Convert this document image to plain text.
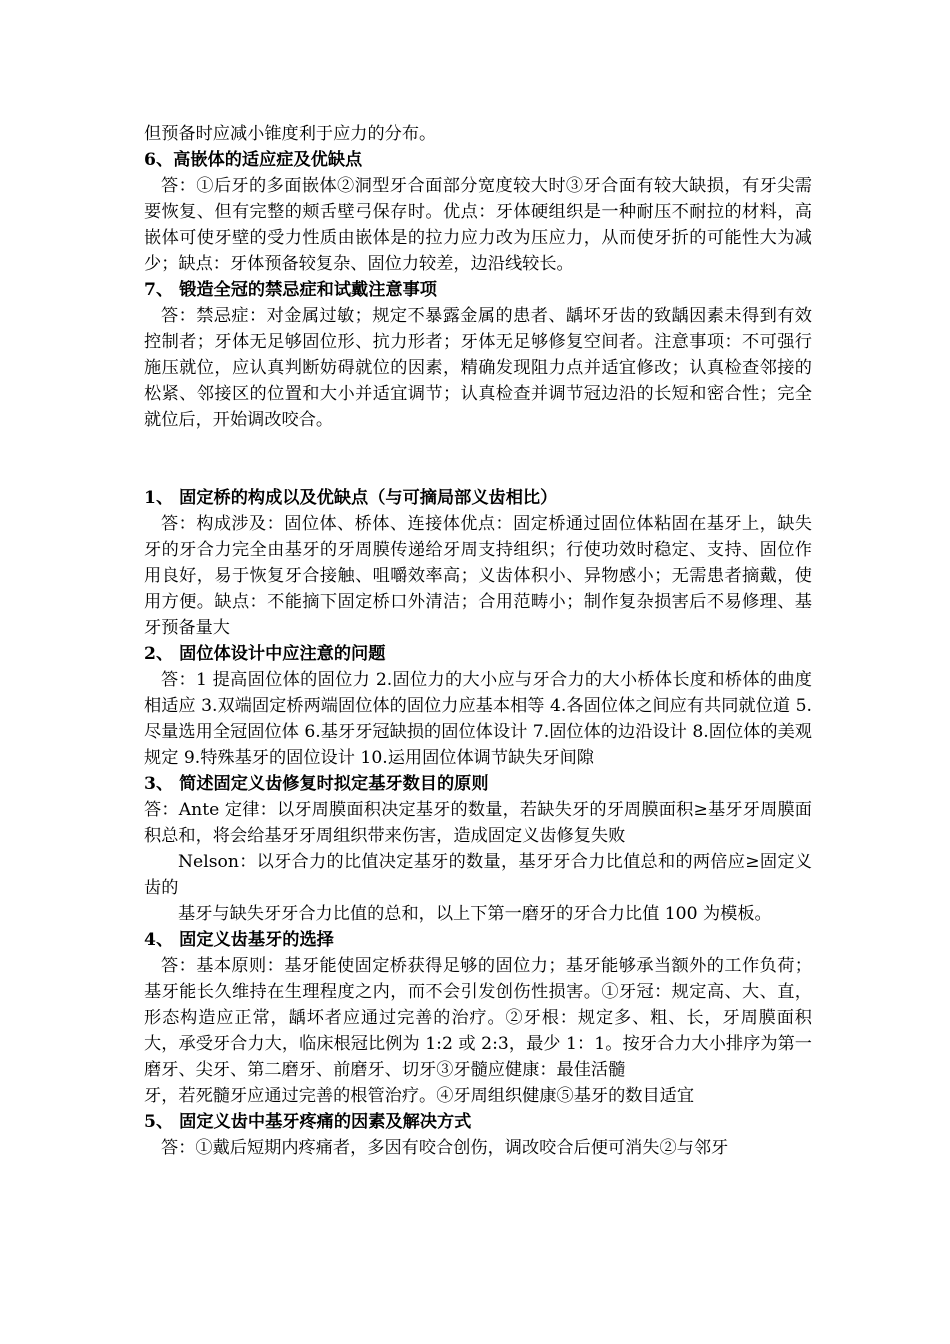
但预备时应减小锥度利于应力的分布。

6、高嵌体的适应症及优缺点

答：①后牙的多面嵌体②洞型牙合面部分宽度较大时③牙合面有较大缺损，有牙尖需要恢复、但有完整的颊舌壁弓保存时。优点：牙体硬组织是一种耐压不耐拉的材料，高嵌体可使牙壁的受力性质由嵌体是的拉力应力改为压应力，从而使牙折的可能性大为减少；缺点：牙体预备较复杂、固位力较差，边沿线较长。

7、 锻造全冠的禁忌症和试戴注意事项

答：禁忌症：对金属过敏；规定不暴露金属的患者、龋坏牙齿的致龋因素未得到有效控制者；牙体无足够固位形、抗力形者；牙体无足够修复空间者。注意事项：不可强行施压就位，应认真判断妨碍就位的因素，精确发现阻力点并适宜修改；认真检查邻接的松紧、邻接区的位置和大小并适宜调节；认真检查并调节冠边沿的长短和密合性；完全就位后，开始调改咬合。

1、 固定桥的构成以及优缺点（与可摘局部义齿相比）

答：构成涉及：固位体、桥体、连接体优点：固定桥通过固位体粘固在基牙上，缺失牙的牙合力完全由基牙的牙周膜传递给牙周支持组织；行使功效时稳定、支持、固位作用良好，易于恢复牙合接触、咀嚼效率高；义齿体积小、异物感小；无需患者摘戴，使用方便。缺点：不能摘下固定桥口外清洁；合用范畴小；制作复杂损害后不易修理、基牙预备量大

2、 固位体设计中应注意的问题

答：1 提高固位体的固位力 2.固位力的大小应与牙合力的大小桥体长度和桥体的曲度相适应 3.双端固定桥两端固位体的固位力应基本相等 4.各固位体之间应有共同就位道 5.尽量选用全冠固位体 6.基牙牙冠缺损的固位体设计 7.固位体的边沿设计 8.固位体的美观规定 9.特殊基牙的固位设计 10.运用固位体调节缺失牙间隙

3、 简述固定义齿修复时拟定基牙数目的原则

答：Ante 定律：以牙周膜面积决定基牙的数量，若缺失牙的牙周膜面积≥基牙牙周膜面积总和，将会给基牙牙周组织带来伤害，造成固定义齿修复失败

Nelson：以牙合力的比值决定基牙的数量，基牙牙合力比值总和的两倍应≥固定义齿的

基牙与缺失牙牙合力比值的总和，以上下第一磨牙的牙合力比值 100 为模板。

4、 固定义齿基牙的选择

答：基本原则：基牙能使固定桥获得足够的固位力；基牙能够承当额外的工作负荷；基牙能长久维持在生理程度之内，而不会引发创伤性损害。①牙冠：规定高、大、直，形态构造应正常，龋坏者应通过完善的治疗。②牙根：规定多、粗、长，牙周膜面积大，承受牙合力大，临床根冠比例为 1:2 或 2:3，最少 1：1。按牙合力大小排序为第一磨牙、尖牙、第二磨牙、前磨牙、切牙③牙髓应健康：最佳活髓

牙，若死髓牙应通过完善的根管治疗。④牙周组织健康⑤基牙的数目适宜

5、 固定义齿中基牙疼痛的因素及解决方式

答：①戴后短期内疼痛者，多因有咬合创伤，调改咬合后便可消失②与邻牙
